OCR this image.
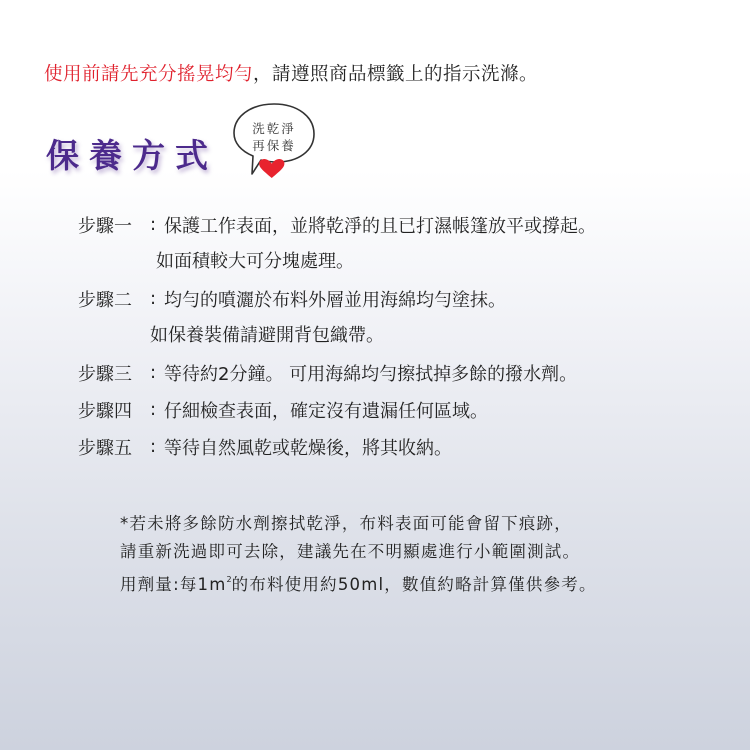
使用前請先充分搖晃均勻，請遵照商品標籤上的指示洗滌。
保養方式
洗乾淨
再保養
步驟一	: 保護工作表面，並將乾淨的且已打濕帳篷放平或撐起。
如面積較大可分塊處理。
步驟二	: 均勻的噴灑於布料外層並用海綿均勻塗抹。
如保養裝備請避開背包織帶。
步驟三	: 等待約2分鐘。 可用海綿均勻擦拭掉多餘的撥水劑。
步驟四	: 仔細檢查表面，確定沒有遺漏任何區域。
步驟五	: 等待自然風乾或乾燥後，將其收納。
*若未將多餘防水劑擦拭乾淨，布料表面可能會留下痕跡，
請重新洗過即可去除，建議先在不明顯處進行小範圍測試。
用劑量:每$1m^2$的布料使用約50ml，數值約略計算僅供參考。
